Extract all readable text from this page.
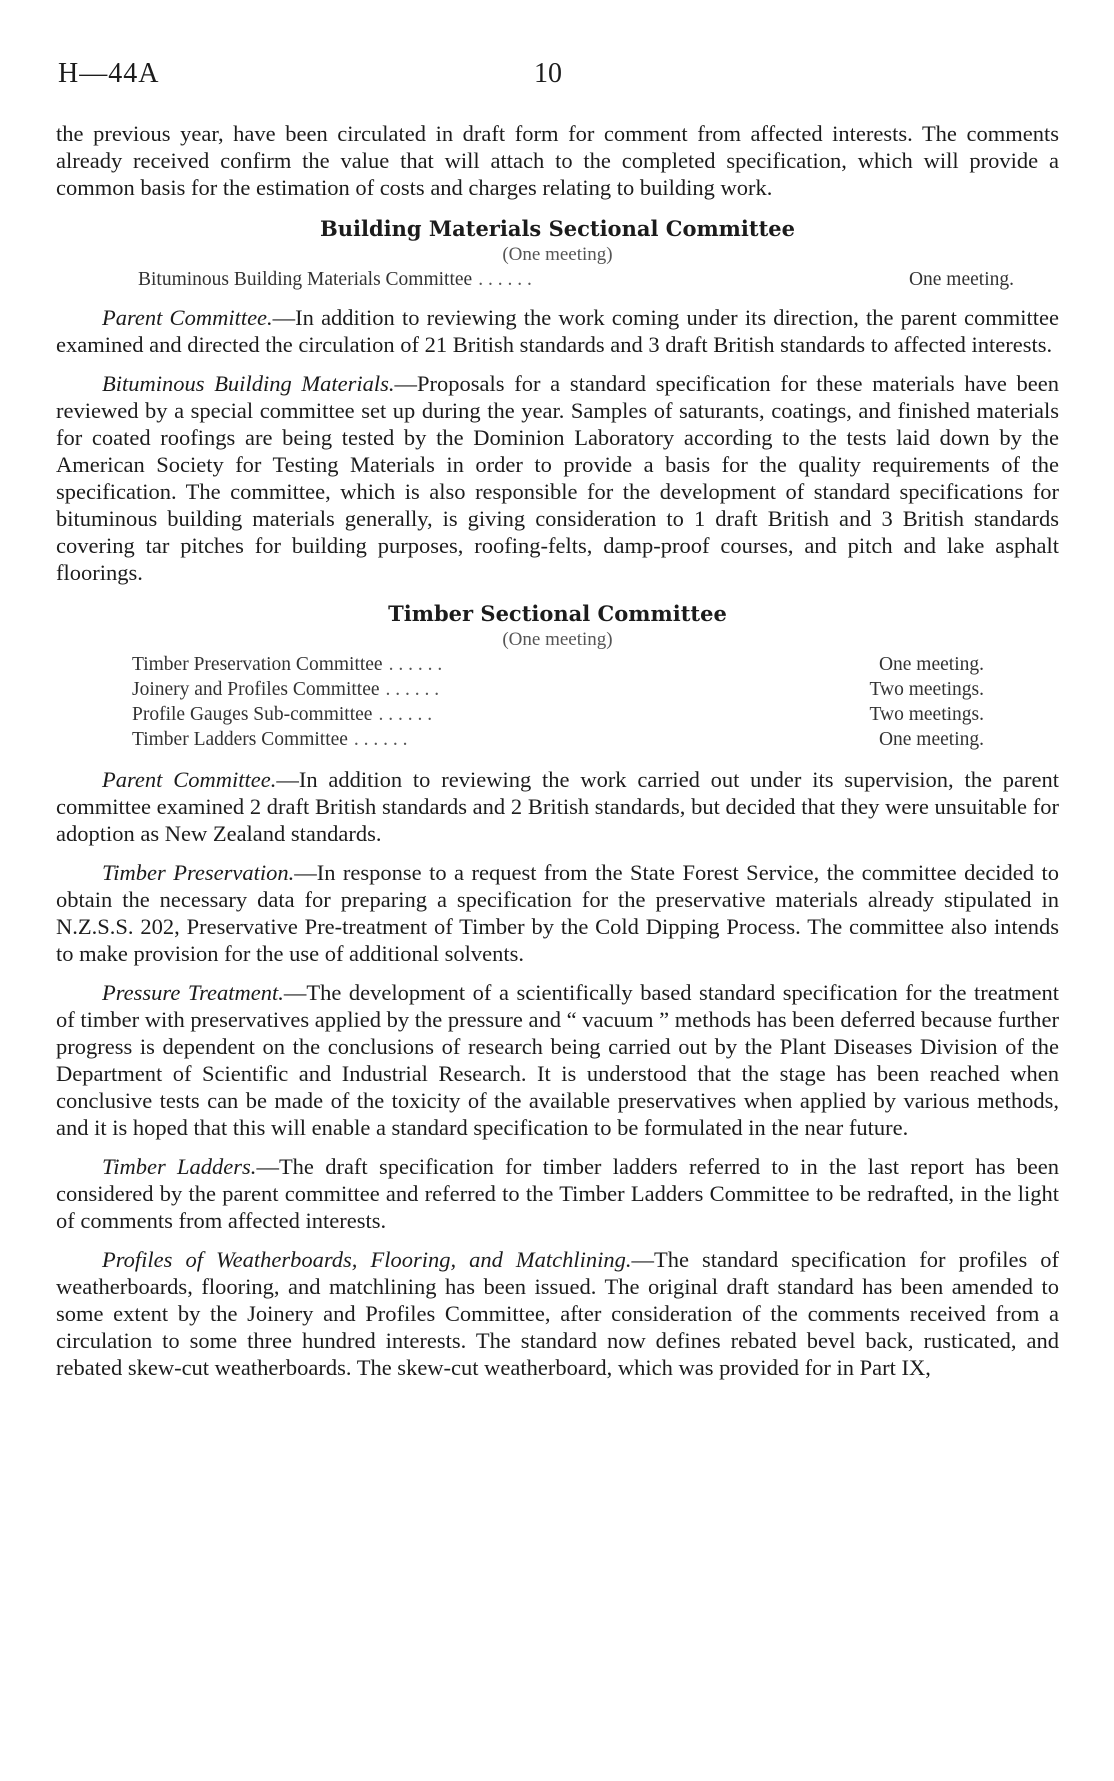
H—44A	10

the previous year, have been circulated in draft form for comment from affected interests. The comments already received confirm the value that will attach to the completed specification, which will provide a common basis for the estimation of costs and charges relating to building work.

Building Materials Sectional Committee
(One meeting)
Bituminous Building Materials Committee . . . . . .	One meeting.

Parent Committee.—In addition to reviewing the work coming under its direction, the parent committee examined and directed the circulation of 21 British standards and 3 draft British standards to affected interests.

Bituminous Building Materials.—Proposals for a standard specification for these materials have been reviewed by a special committee set up during the year. Samples of saturants, coatings, and finished materials for coated roofings are being tested by the Dominion Laboratory according to the tests laid down by the American Society for Testing Materials in order to provide a basis for the quality requirements of the specification. The committee, which is also responsible for the development of standard specifications for bituminous building materials generally, is giving consideration to 1 draft British and 3 British standards covering tar pitches for building purposes, roofing-felts, damp-proof courses, and pitch and lake asphalt floorings.

Timber Sectional Committee
(One meeting)
Timber Preservation Committee . . . . . .	One meeting.
Joinery and Profiles Committee . . . . . .	Two meetings.
Profile Gauges Sub-committee . . . . . .	Two meetings.
Timber Ladders Committee . . . . . .	One meeting.

Parent Committee.—In addition to reviewing the work carried out under its supervision, the parent committee examined 2 draft British standards and 2 British standards, but decided that they were unsuitable for adoption as New Zealand standards.

Timber Preservation.—In response to a request from the State Forest Service, the committee decided to obtain the necessary data for preparing a specification for the preservative materials already stipulated in N.Z.S.S. 202, Preservative Pre-treatment of Timber by the Cold Dipping Process. The committee also intends to make provision for the use of additional solvents.

Pressure Treatment.—The development of a scientifically based standard specification for the treatment of timber with preservatives applied by the pressure and “ vacuum ” methods has been deferred because further progress is dependent on the conclusions of research being carried out by the Plant Diseases Division of the Department of Scientific and Industrial Research. It is understood that the stage has been reached when conclusive tests can be made of the toxicity of the available preservatives when applied by various methods, and it is hoped that this will enable a standard specification to be formulated in the near future.

Timber Ladders.—The draft specification for timber ladders referred to in the last report has been considered by the parent committee and referred to the Timber Ladders Committee to be redrafted, in the light of comments from affected interests.

Profiles of Weatherboards, Flooring, and Matchlining.—The standard specification for profiles of weatherboards, flooring, and matchlining has been issued. The original draft standard has been amended to some extent by the Joinery and Profiles Committee, after consideration of the comments received from a circulation to some three hundred interests. The standard now defines rebated bevel back, rusticated, and rebated skew-cut weatherboards. The skew-cut weatherboard, which was provided for in Part IX,
